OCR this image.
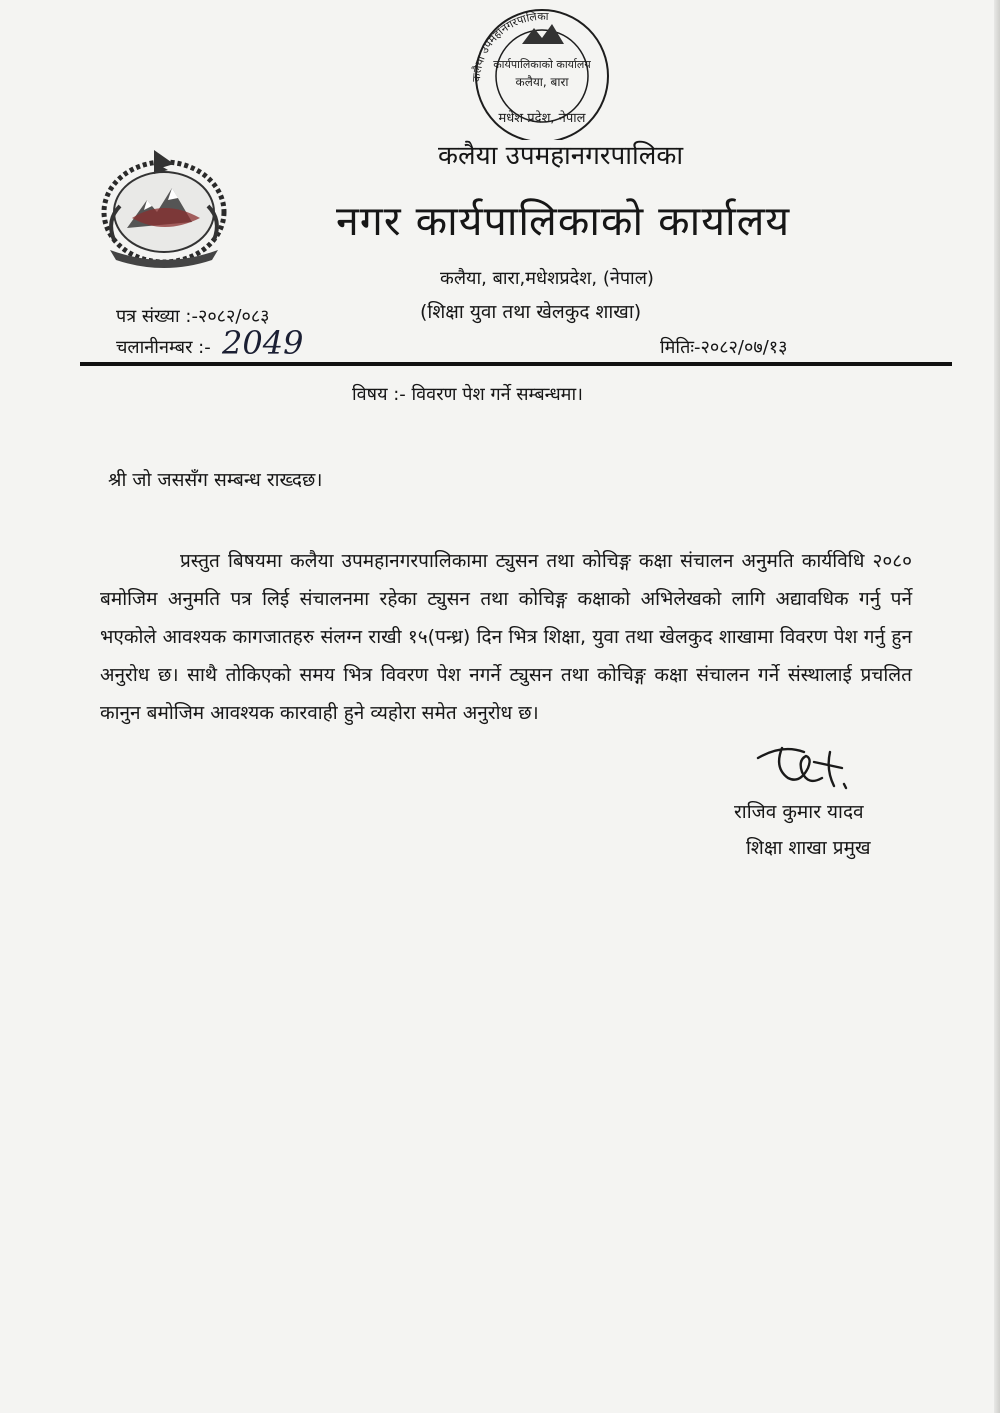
कलैया उपमहानगरपालिका
कार्यपालिकाको कार्यालय
कलैया, बारा
मधेश प्रदेश, नेपाल
कलैया उपमहानगरपालिका
नगर कार्यपालिकाको कार्यालय
कलैया, बारा,मधेशप्रदेश, (नेपाल)
(शिक्षा युवा तथा खेलकुद शाखा)
पत्र संख्या :-२०८२/०८३
चलानीनम्बर :- 2049	मितिः-२०८२/०७/१३
विषय :- विवरण पेश गर्ने सम्बन्धमा।
श्री जो जससँग सम्बन्ध राख्दछ।
प्रस्तुत बिषयमा कलैया उपमहानगरपालिकामा ट्युसन तथा कोचिङ्ग कक्षा संचालन अनुमति कार्यविधि २०८० बमोजिम अनुमति पत्र लिई संचालनमा रहेका ट्युसन तथा कोचिङ्ग कक्षाको अभिलेखको लागि अद्यावधिक गर्नु पर्ने भएकोले आवश्यक कागजातहरु संलग्न राखी १५(पन्ध्र) दिन भित्र शिक्षा, युवा तथा खेलकुद शाखामा विवरण पेश गर्नु हुन अनुरोध छ। साथै तोकिएको समय भित्र विवरण पेश नगर्ने ट्युसन तथा कोचिङ्ग कक्षा संचालन गर्ने संस्थालाई प्रचलित कानुन बमोजिम आवश्यक कारवाही हुने व्यहोरा समेत अनुरोध छ।
राजिव कुमार यादव
शिक्षा शाखा प्रमुख
